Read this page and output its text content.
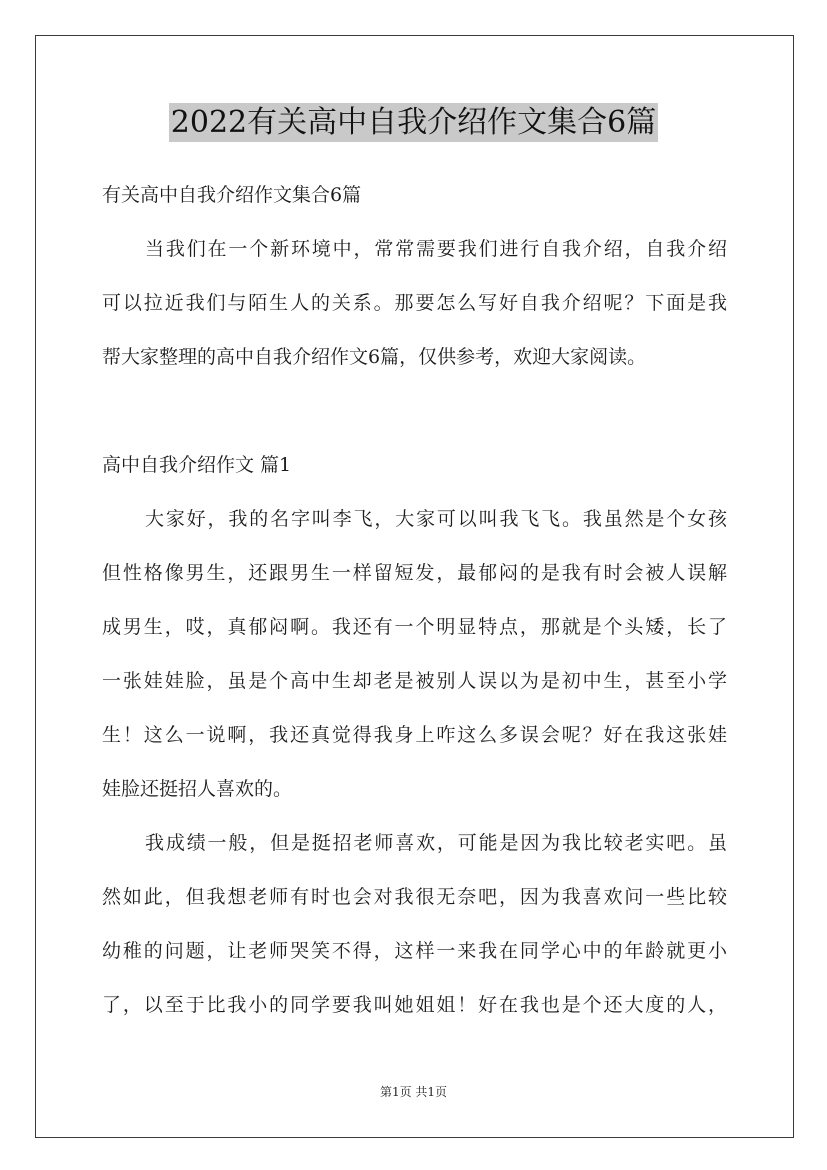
2022有关高中自我介绍作文集合6篇
有关高中自我介绍作文集合6篇
当我们在一个新环境中，常常需要我们进行自我介绍，自我介绍
可以拉近我们与陌生人的关系。那要怎么写好自我介绍呢？下面是我
帮大家整理的高中自我介绍作文6篇，仅供参考，欢迎大家阅读。
高中自我介绍作文 篇1
大家好，我的名字叫李飞，大家可以叫我飞飞。我虽然是个女孩
但性格像男生，还跟男生一样留短发，最郁闷的是我有时会被人误解
成男生，哎，真郁闷啊。我还有一个明显特点，那就是个头矮，长了
一张娃娃脸，虽是个高中生却老是被别人误以为是初中生，甚至小学
生！这么一说啊，我还真觉得我身上咋这么多误会呢？好在我这张娃
娃脸还挺招人喜欢的。
我成绩一般，但是挺招老师喜欢，可能是因为我比较老实吧。虽
然如此，但我想老师有时也会对我很无奈吧，因为我喜欢问一些比较
幼稚的问题，让老师哭笑不得，这样一来我在同学心中的年龄就更小
了，以至于比我小的同学要我叫她姐姐！好在我也是个还大度的人，
第1页 共1页
